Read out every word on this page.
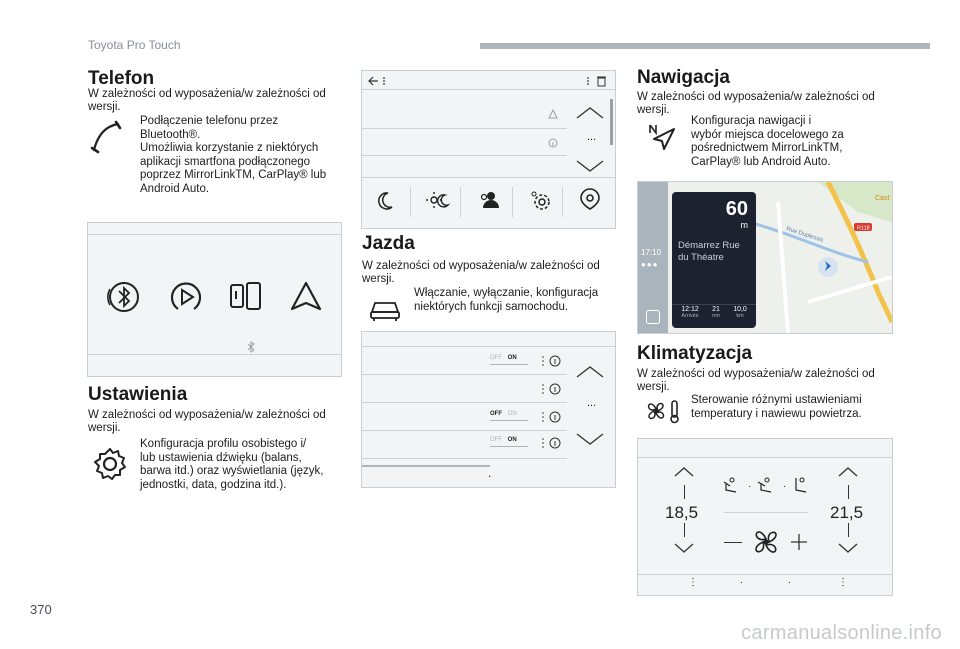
Toyota Pro Touch
Telefon
W zależności od wyposażenia/w zależności od wersji.
Podłączenie telefonu przez
Bluetooth®.
Umożliwia korzystanie z niektórych
aplikacji smartfona podłączonego
poprzez MirrorLinkTM, CarPlay® lub
Android Auto.
Ustawienia
W zależności od wyposażenia/w zależności od wersji.
Konfiguracja profilu osobistego i/
lub ustawienia dźwięku (balans,
barwa itd.) oraz wyświetlania (język,
jednostki, data, godzina itd.).
...
Jazda
W zależności od wyposażenia/w zależności od wersji.
Włączanie, wyłączanie, konfiguracja
niektórych funkcji samochodu.
OFF ON
OFF ON
OFF ON
...
.
Nawigacja
W zależności od wyposażenia/w zależności od wersji.
Konfiguracja nawigacji i
wybór miejsca docelowego za
pośrednictwem MirrorLinkTM,
CarPlay® lub Android Auto.
17:10
●●●
R118
Cast
Rue Duplessis
60
m
Démarrez Rue
du Théatre
12:12
Arrivée
21
mn
10,0
km
Klimatyzacja
W zależności od wyposażenia/w zależności od wersji.
Sterowanie różnymi ustawieniami
temperatury i nawiewu powietrza.
18,5	21,5
·	·
⋮	.	.	⋮
370
carmanualsonline.info
